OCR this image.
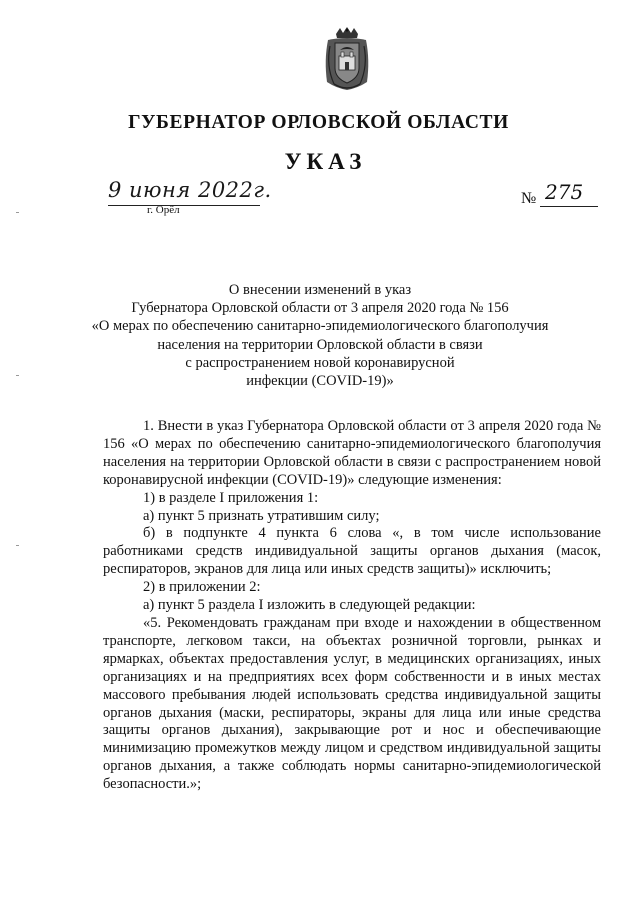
ГУБЕРНАТОР ОРЛОВСКОЙ ОБЛАСТИ
УКАЗ
9 июня 2022г.
г. Орёл
№ 275
О внесении изменений в указ
Губернатора Орловской области от 3 апреля 2020 года № 156
«О мерах по обеспечению санитарно-эпидемиологического благополучия
населения на территории Орловской области в связи
с распространением новой коронавирусной
инфекции (COVID-19)»

1. Внести в указ Губернатора Орловской области от 3 апреля 2020 года № 156 «О мерах по обеспечению санитарно-эпидемиологического благополучия населения на территории Орловской области в связи с распространением новой коронавирусной инфекции (COVID-19)» следующие изменения:

1) в разделе I приложения 1:

а) пункт 5 признать утратившим силу;

б) в подпункте 4 пункта 6 слова «, в том числе использование работниками средств индивидуальной защиты органов дыхания (масок, респираторов, экранов для лица или иных средств защиты)» исключить;

2) в приложении 2:

а) пункт 5 раздела I изложить в следующей редакции:

«5. Рекомендовать гражданам при входе и нахождении в общественном транспорте, легковом такси, на объектах розничной торговли, рынках и ярмарках, объектах предоставления услуг, в медицинских организациях, иных организациях и на предприятиях всех форм собственности и в иных местах массового пребывания людей использовать средства индивидуальной защиты органов дыхания (маски, респираторы, экраны для лица или иные средства защиты органов дыхания), закрывающие рот и нос и обеспечивающие минимизацию промежутков между лицом и средством индивидуальной защиты органов дыхания, а также соблюдать нормы санитарно-эпидемиологической безопасности.»;
